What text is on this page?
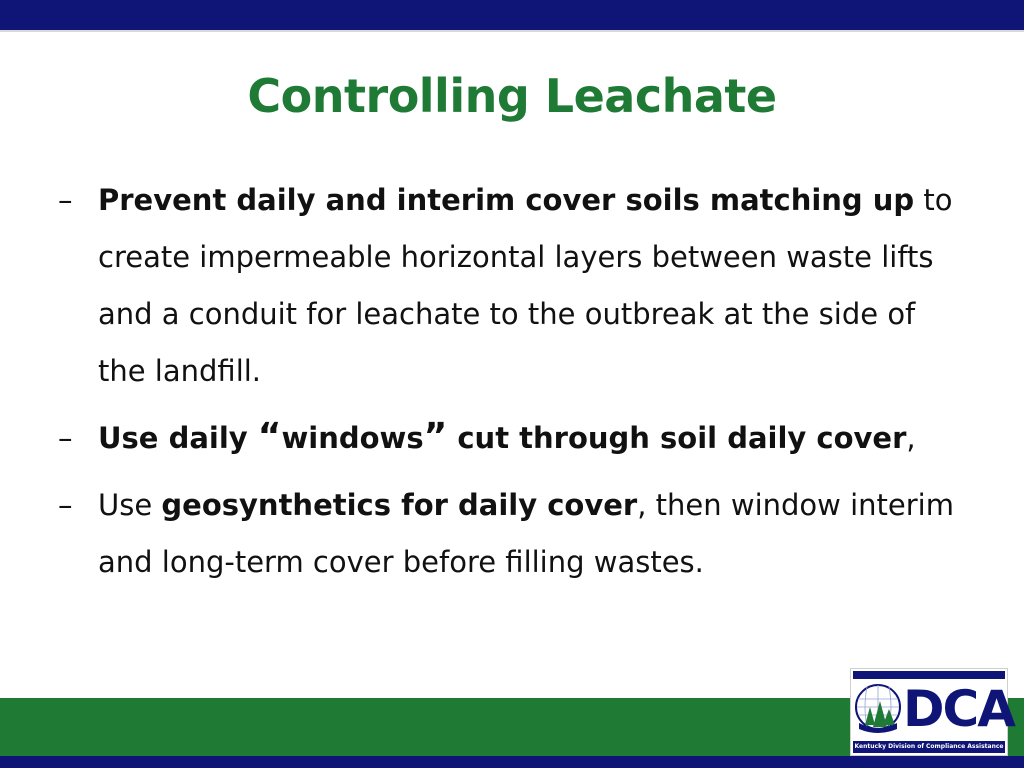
Controlling Leachate
– Prevent daily and interim cover soils matching up to create impermeable horizontal layers between waste lifts and a conduit for leachate to the outbreak at the side of the landfill.
– Use daily “windows” cut through soil daily cover,
– Use geosynthetics for daily cover, then window interim and long-term cover before filling wastes.
DCA
Kentucky Division of Compliance Assistance
